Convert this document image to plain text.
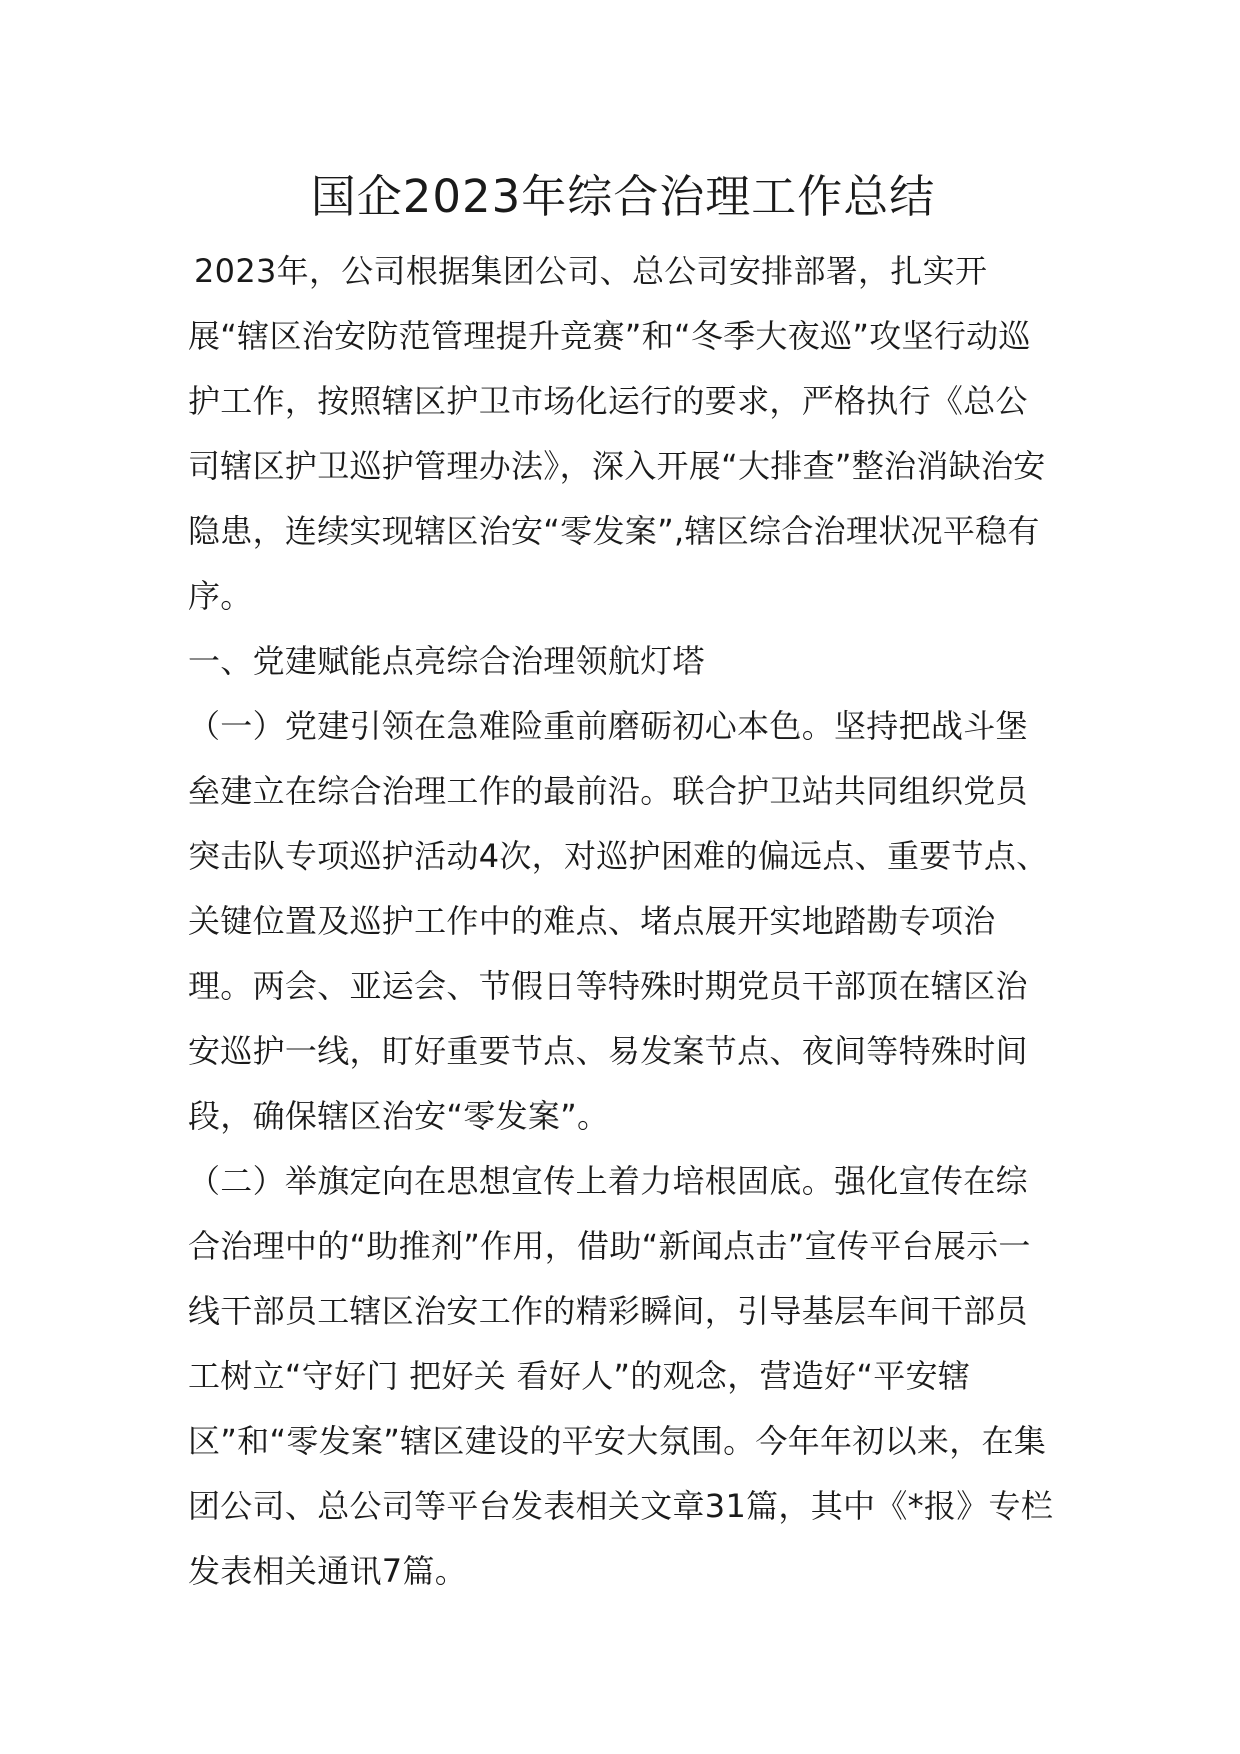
国企2023年综合治理工作总结

2023年，公司根据集团公司、总公司安排部署，扎实开展“辖区治安防范管理提升竞赛”和“冬季大夜巡”攻坚行动巡护工作，按照辖区护卫市场化运行的要求，严格执行《总公司辖区护卫巡护管理办法》，深入开展“大排查”整治消缺治安隐患，连续实现辖区治安“零发案”,辖区综合治理状况平稳有序。

一、党建赋能点亮综合治理领航灯塔

（一）党建引领在急难险重前磨砺初心本色。坚持把战斗堡垒建立在综合治理工作的最前沿。联合护卫站共同组织党员突击队专项巡护活动4次，对巡护困难的偏远点、重要节点、关键位置及巡护工作中的难点、堵点展开实地踏勘专项治理。两会、亚运会、节假日等特殊时期党员干部顶在辖区治安巡护一线，盯好重要节点、易发案节点、夜间等特殊时间段，确保辖区治安“零发案”。

（二）举旗定向在思想宣传上着力培根固底。强化宣传在综合治理中的“助推剂”作用，借助“新闻点击”宣传平台展示一线干部员工辖区治安工作的精彩瞬间，引导基层车间干部员工树立“守好门 把好关 看好人”的观念，营造好“平安辖区”和“零发案”辖区建设的平安大氛围。今年年初以来，在集团公司、总公司等平台发表相关文章31篇，其中《*报》专栏发表相关通讯7篇。
